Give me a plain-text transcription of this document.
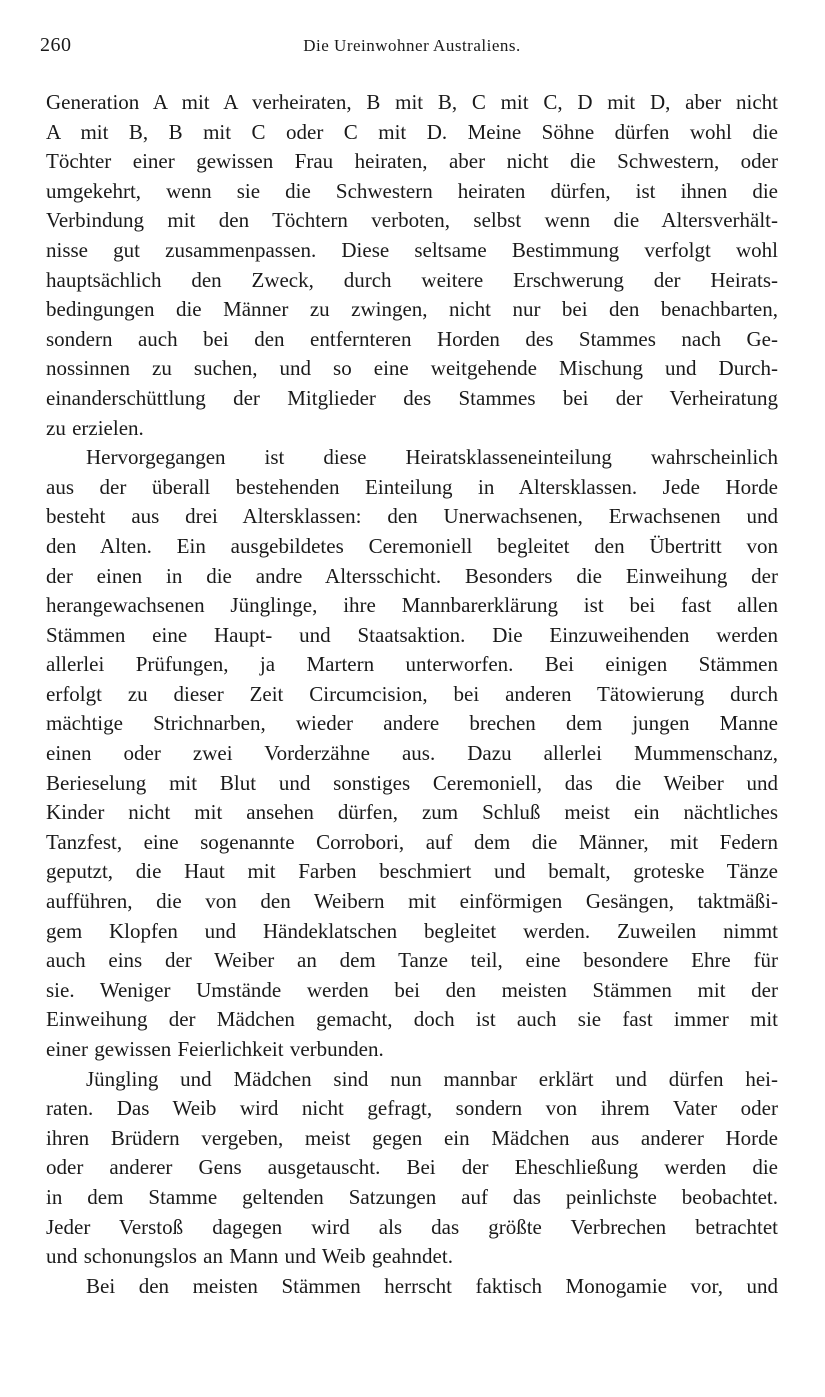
260	Die Ureinwohner Australiens.
Generation A mit A verheiraten, B mit B, C mit C, D mit D, aber nicht
A mit B, B mit C oder C mit D. Meine Söhne dürfen wohl die
Töchter einer gewissen Frau heiraten, aber nicht die Schwestern, oder
umgekehrt, wenn sie die Schwestern heiraten dürfen, ist ihnen die
Verbindung mit den Töchtern verboten, selbst wenn die Altersverhält-
nisse gut zusammenpassen. Diese seltsame Bestimmung verfolgt wohl
hauptsächlich den Zweck, durch weitere Erschwerung der Heirats-
bedingungen die Männer zu zwingen, nicht nur bei den benachbarten,
sondern auch bei den entfernteren Horden des Stammes nach Ge-
nossinnen zu suchen, und so eine weitgehende Mischung und Durch-
einanderschüttlung der Mitglieder des Stammes bei der Verheiratung
zu erzielen.
Hervorgegangen ist diese Heiratsklasseneinteilung wahrscheinlich
aus der überall bestehenden Einteilung in Altersklassen. Jede Horde
besteht aus drei Altersklassen: den Unerwachsenen, Erwachsenen und
den Alten. Ein ausgebildetes Ceremoniell begleitet den Übertritt von
der einen in die andre Altersschicht. Besonders die Einweihung der
herangewachsenen Jünglinge, ihre Mannbarerklärung ist bei fast allen
Stämmen eine Haupt- und Staatsaktion. Die Einzuweihenden werden
allerlei Prüfungen, ja Martern unterworfen. Bei einigen Stämmen
erfolgt zu dieser Zeit Circumcision, bei anderen Tätowierung durch
mächtige Strichnarben, wieder andere brechen dem jungen Manne
einen oder zwei Vorderzähne aus. Dazu allerlei Mummenschanz,
Berieselung mit Blut und sonstiges Ceremoniell, das die Weiber und
Kinder nicht mit ansehen dürfen, zum Schluß meist ein nächtliches
Tanzfest, eine sogenannte Corrobori, auf dem die Männer, mit Federn
geputzt, die Haut mit Farben beschmiert und bemalt, groteske Tänze
aufführen, die von den Weibern mit einförmigen Gesängen, taktmäßi-
gem Klopfen und Händeklatschen begleitet werden. Zuweilen nimmt
auch eins der Weiber an dem Tanze teil, eine besondere Ehre für
sie. Weniger Umstände werden bei den meisten Stämmen mit der
Einweihung der Mädchen gemacht, doch ist auch sie fast immer mit
einer gewissen Feierlichkeit verbunden.
Jüngling und Mädchen sind nun mannbar erklärt und dürfen hei-
raten. Das Weib wird nicht gefragt, sondern von ihrem Vater oder
ihren Brüdern vergeben, meist gegen ein Mädchen aus anderer Horde
oder anderer Gens ausgetauscht. Bei der Eheschließung werden die
in dem Stamme geltenden Satzungen auf das peinlichste beobachtet.
Jeder Verstoß dagegen wird als das größte Verbrechen betrachtet
und schonungslos an Mann und Weib geahndet.
Bei den meisten Stämmen herrscht faktisch Monogamie vor, und
